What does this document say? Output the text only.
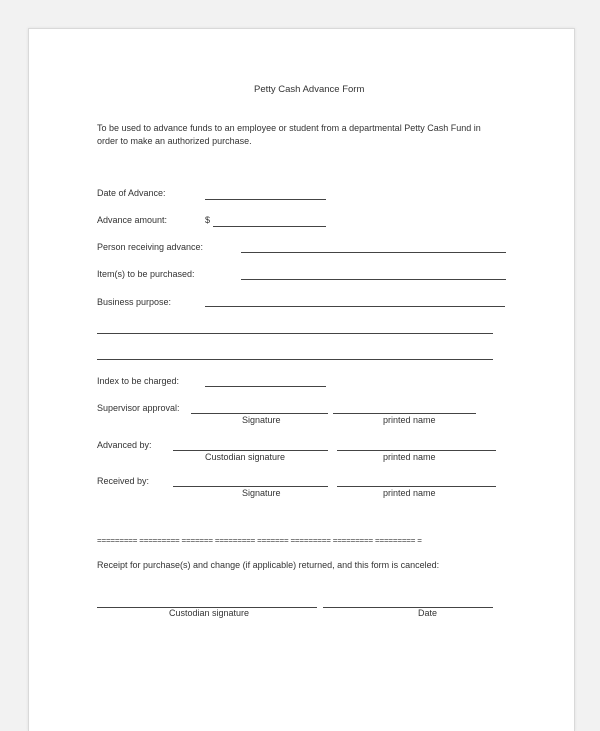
Petty Cash Advance Form
To be used to advance funds to an employee or student from a departmental Petty Cash Fund in
order to make an authorized purchase.
Date of Advance:
Advance amount:	$
Person receiving advance:
Item(s) to be purchased:
Business purpose:
Index to be charged:
Supervisor approval:
Signature	printed name
Advanced by:
Custodian signature	printed name
Received by:
Signature	printed name
========= ========= ======= ========= ======= ========= ========= ========= =
Receipt for purchase(s) and change (if applicable) returned, and this form is canceled:
Custodian signature	Date
